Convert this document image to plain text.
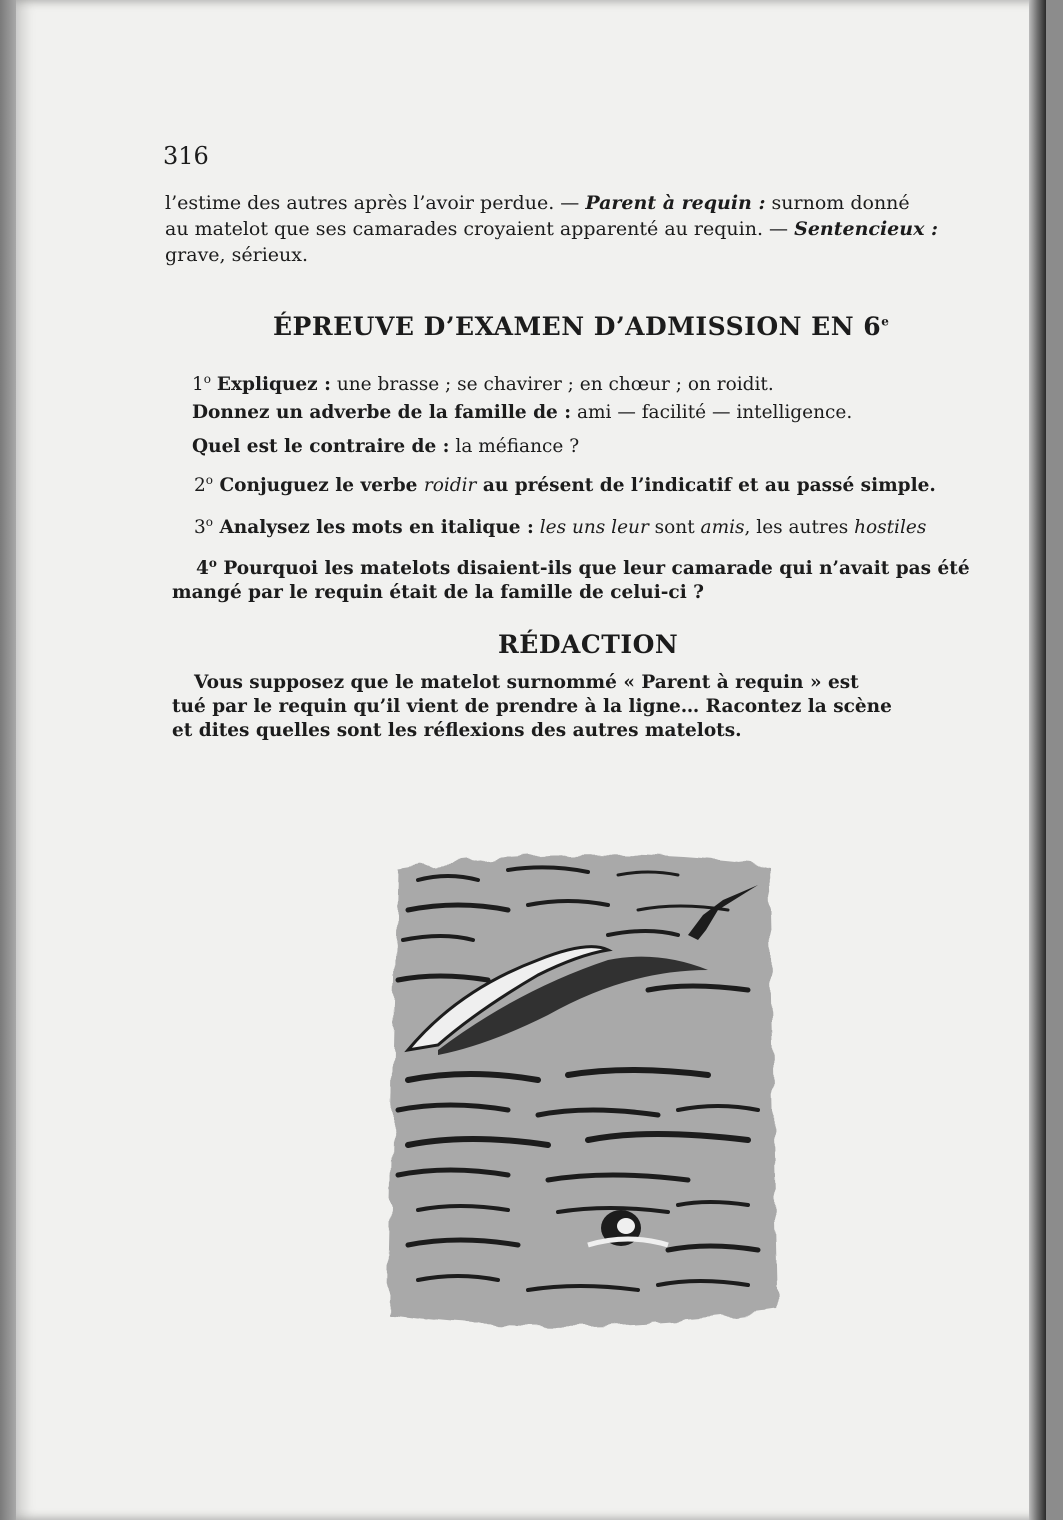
316
l’estime des autres après l’avoir perdue. — Parent à requin : surnom donné
au matelot que ses camarades croyaient apparenté au requin. — Sentencieux :
grave, sérieux.
ÉPREUVE D’EXAMEN D’ADMISSION EN 6e
1$^o$ Expliquez : une brasse ; se chavirer ; en chœur ; on roidit.
Donnez un adverbe de la famille de : ami — facilité — intelligence.
Quel est le contraire de : la méfiance ?
2$^o$ Conjuguez le verbe roidir au présent de l’indicatif et au passé simple.
3$^o$ Analysez les mots en italique : les uns leur sont amis, les autres hostiles
4$^o$ Pourquoi les matelots disaient-ils que leur camarade qui n’avait pas été
mangé par le requin était de la famille de celui-ci ?
RÉDACTION
Vous supposez que le matelot surnommé « Parent à requin » est
tué par le requin qu’il vient de prendre à la ligne… Racontez la scène
et dites quelles sont les réflexions des autres matelots.
